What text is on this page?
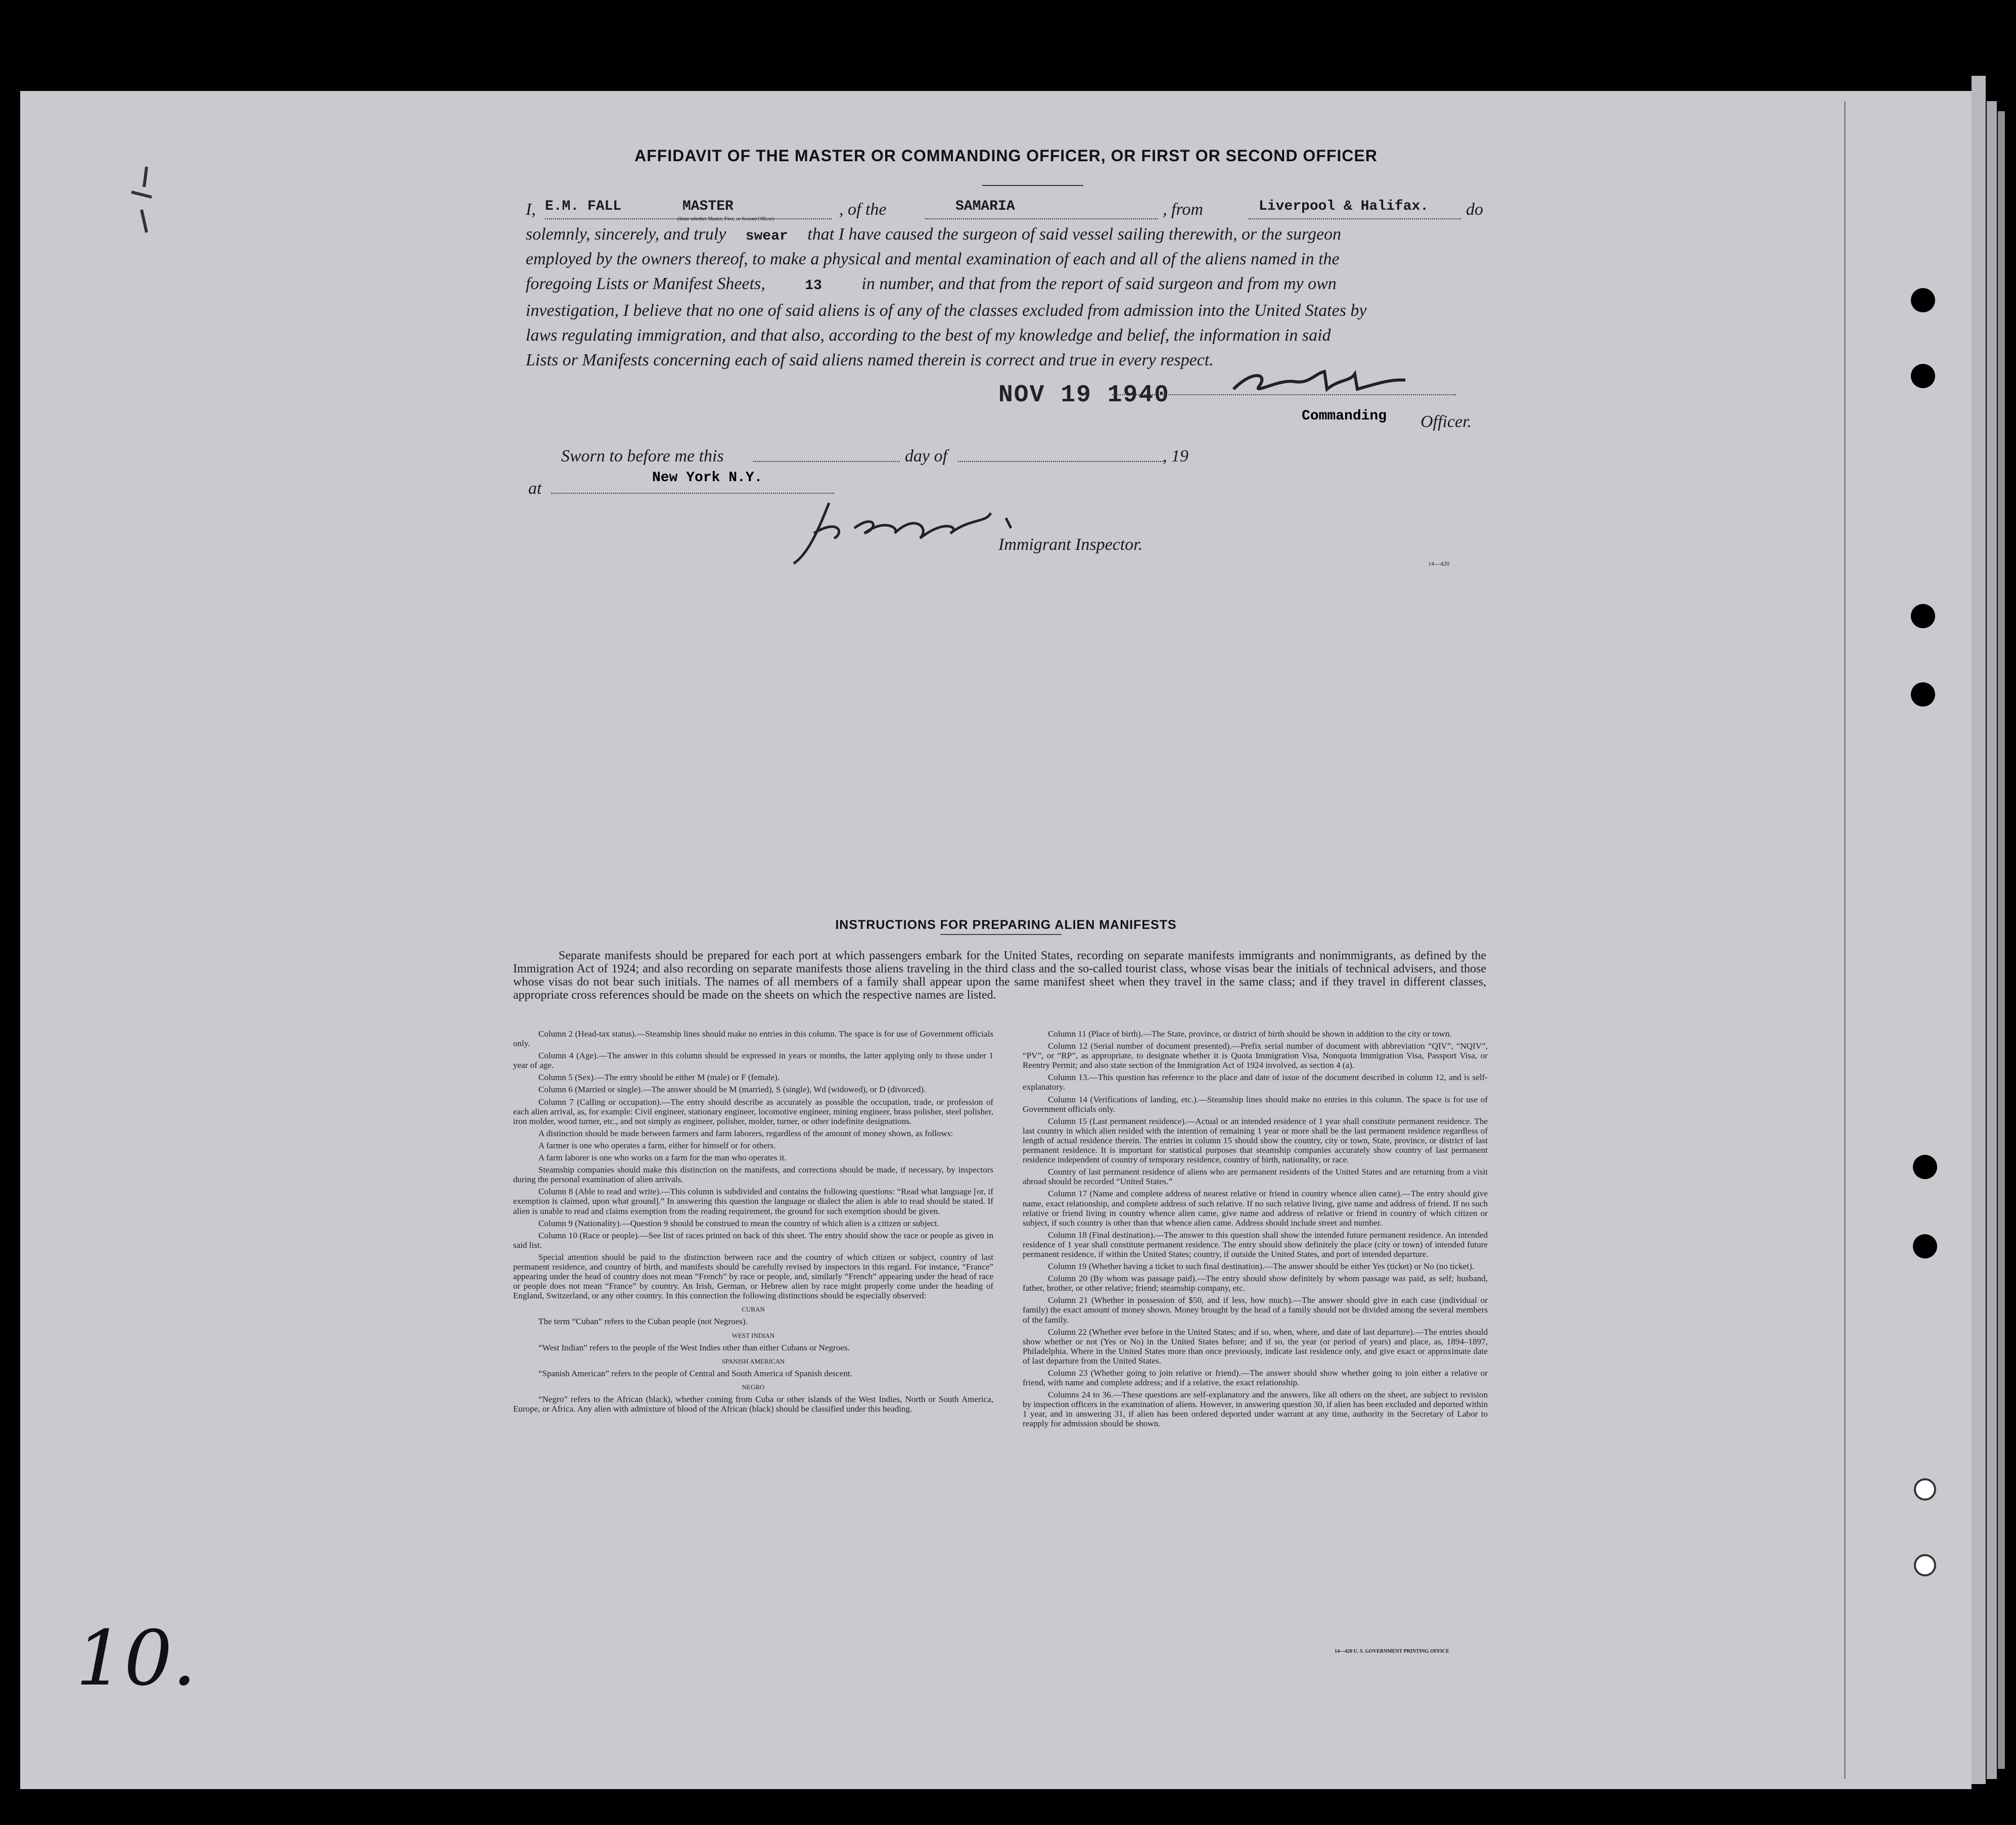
AFFIDAVIT OF THE MASTER OR COMMANDING OFFICER, OR FIRST OR SECOND OFFICER
I, E.M. FALL	MASTER
(State whether Master, First, or Second Officer)
, of the	SAMARIA	, from	Liverpool & Halifax. do
solemnly, sincerely, and truly swear that I have caused the surgeon of said vessel sailing therewith, or the surgeon
employed by the owners thereof, to make a physical and mental examination of each and all of the aliens named in the
foregoing Lists or Manifest Sheets,	13 in number, and that from the report of said surgeon and from my own
investigation, I believe that no one of said aliens is of any of the classes excluded from admission into the United States by
laws regulating immigration, and that also, according to the best of my knowledge and belief, the information in said
Lists or Manifests concerning each of said aliens named therein is correct and true in every respect.
NOV 19 1940
Commanding Officer.
Sworn to before me this	day of	, 19
at
New York N.Y.
Immigrant Inspector.
14—420
INSTRUCTIONS FOR PREPARING ALIEN MANIFESTS

Separate manifests should be prepared for each port at which passengers embark for the United States, recording on separate manifests immigrants and nonimmigrants, as defined by the Immigration Act of 1924; and also recording on separate manifests those aliens traveling in the third class and the so-called tourist class, whose visas bear the initials of technical advisers, and those whose visas do not bear such initials. The names of all members of a family shall appear upon the same manifest sheet when they travel in the same class; and if they travel in different classes, appropriate cross references should be made on the sheets on which the respective names are listed.

Column 2 (Head-tax status).—Steamship lines should make no entries in this column. The space is for use of Government officials only.

Column 4 (Age).—The answer in this column should be expressed in years or months, the latter applying only to those under 1 year of age.

Column 5 (Sex).—The entry should be either M (male) or F (female).

Column 6 (Married or single).—The answer should be M (married), S (single), Wd (widowed), or D (divorced).

Column 7 (Calling or occupation).—The entry should describe as accurately as possible the occupation, trade, or profession of each alien arrival, as, for example: Civil engineer, stationary engineer, locomotive engineer, mining engineer, brass polisher, steel polisher, iron molder, wood turner, etc., and not simply as engineer, polisher, molder, turner, or other indefinite designations.

A distinction should be made between farmers and farm laborers, regardless of the amount of money shown, as follows:

A farmer is one who operates a farm, either for himself or for others.

A farm laborer is one who works on a farm for the man who operates it.

Steamship companies should make this distinction on the manifests, and corrections should be made, if necessary, by inspectors during the personal examination of alien arrivals.

Column 8 (Able to read and write).—This column is subdivided and contains the following questions: “Read what language [or, if exemption is claimed, upon what ground].” In answering this question the language or dialect the alien is able to read should be stated. If alien is unable to read and claims exemption from the reading requirement, the ground for such exemption should be given.

Column 9 (Nationality).—Question 9 should be construed to mean the country of which alien is a citizen or subject.

Column 10 (Race or people).—See list of races printed on back of this sheet. The entry should show the race or people as given in said list.

Special attention should be paid to the distinction between race and the country of which citizen or subject, country of last permanent residence, and country of birth, and manifests should be carefully revised by inspectors in this regard. For instance, “France” appearing under the head of country does not mean “French” by race or people, and, similarly “French” appearing under the head of race or people does not mean “France” by country. An Irish, German, or Hebrew alien by race might properly come under the heading of England, Switzerland, or any other country. In this connection the following distinctions should be especially observed:

CUBAN

The term “Cuban” refers to the Cuban people (not Negroes).

WEST INDIAN

“West Indian” refers to the people of the West Indies other than either Cubans or Negroes.

SPANISH AMERICAN

“Spanish American” refers to the people of Central and South America of Spanish descent.

NEGRO

“Negro” refers to the African (black), whether coming from Cuba or other islands of the West Indies, North or South America, Europe, or Africa. Any alien with admixture of blood of the African (black) should be classified under this heading.

Column 11 (Place of birth).—The State, province, or district of birth should be shown in addition to the city or town.

Column 12 (Serial number of document presented).—Prefix serial number of document with abbreviation “QIV”, “NQIV”, “PV”, or “RP”, as appropriate, to designate whether it is Quota Immigration Visa, Nonquota Immigration Visa, Passport Visa, or Reentry Permit; and also state section of the Immigration Act of 1924 involved, as section 4 (a).

Column 13.—This question has reference to the place and date of issue of the document described in column 12, and is self-explanatory.

Column 14 (Verifications of landing, etc.).—Steamship lines should make no entries in this column. The space is for use of Government officials only.

Column 15 (Last permanent residence).—Actual or an intended residence of 1 year shall constitute permanent residence. The last country in which alien resided with the intention of remaining 1 year or more shall be the last permanent residence regardless of length of actual residence therein. The entries in column 15 should show the country, city or town, State, province, or district of last permanent residence. It is important for statistical purposes that steamship companies accurately show country of last permanent residence independent of country of temporary residence, country of birth, nationality, or race.

Country of last permanent residence of aliens who are permanent residents of the United States and are returning from a visit abroad should be recorded “United States.”

Column 17 (Name and complete address of nearest relative or friend in country whence alien came).—The entry should give name, exact relationship, and complete address of such relative. If no such relative living, give name and address of friend. If no such relative or friend living in country whence alien came, give name and address of relative or friend in country of which citizen or subject, if such country is other than that whence alien came. Address should include street and number.

Column 18 (Final destination).—The answer to this question shall show the intended future permanent residence. An intended residence of 1 year shall constitute permanent residence. The entry should show definitely the place (city or town) of intended future permanent residence, if within the United States; country, if outside the United States, and port of intended departure.

Column 19 (Whether having a ticket to such final destination).—The answer should be either Yes (ticket) or No (no ticket).

Column 20 (By whom was passage paid).—The entry should show definitely by whom passage was paid, as self; husband, father, brother, or other relative; friend; steamship company, etc.

Column 21 (Whether in possession of $50, and if less, how much).—The answer should give in each case (individual or family) the exact amount of money shown. Money brought by the head of a family should not be divided among the several members of the family.

Column 22 (Whether ever before in the United States; and if so, when, where, and date of last departure).—The entries should show whether or not (Yes or No) in the United States before; and if so, the year (or period of years) and place, as, 1894–1897, Philadelphia. Where in the United States more than once previously, indicate last residence only, and give exact or approximate date of last departure from the United States.

Column 23 (Whether going to join relative or friend).—The answer should show whether going to join either a relative or friend, with name and complete address; and if a relative, the exact relationship.

Columns 24 to 36.—These questions are self-explanatory and the answers, like all others on the sheet, are subject to revision by inspection officers in the examination of aliens. However, in answering question 30, if alien has been excluded and deported within 1 year, and in answering 31, if alien has been ordered deported under warrant at any time, authority in the Secretary of Labor to reapply for admission should be shown.

14—420 U. S. GOVERNMENT PRINTING OFFICE
10.
